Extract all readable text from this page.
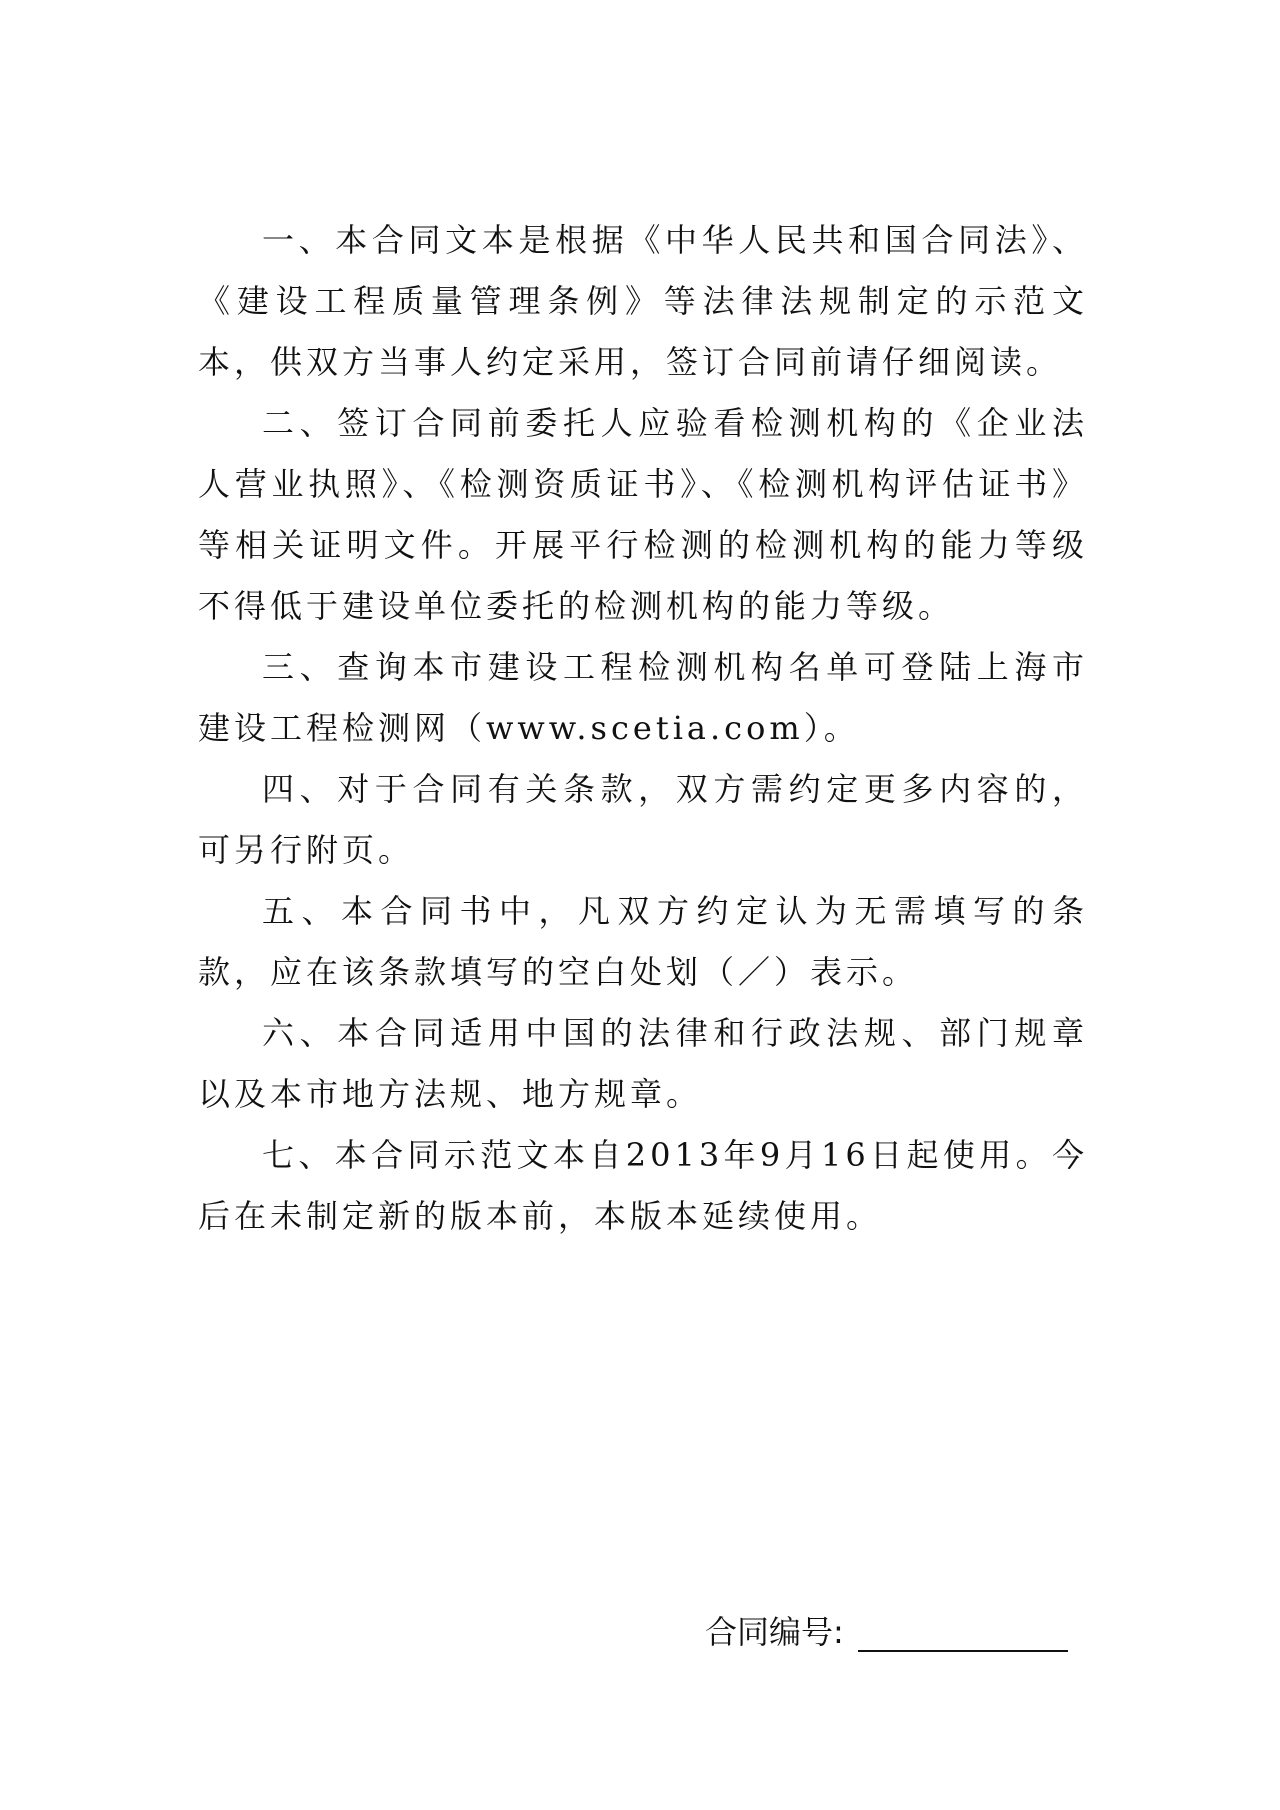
一、本合同文本是根据《中华人民共和国合同法》、《建设工程质量管理条例》等法律法规制定的示范文本，供双方当事人约定采用，签订合同前请仔细阅读。

二、签订合同前委托人应验看检测机构的《企业法人营业执照》、《检测资质证书》、《检测机构评估证书》等相关证明文件。开展平行检测的检测机构的能力等级不得低于建设单位委托的检测机构的能力等级。

三、查询本市建设工程检测机构名单可登陆上海市建设工程检测网（www.scetia.com）。

四、对于合同有关条款，双方需约定更多内容的，可另行附页。

五、本合同书中，凡双方约定认为无需填写的条款，应在该条款填写的空白处划（／）表示。

六、本合同适用中国的法律和行政法规、部门规章以及本市地方法规、地方规章。

七、本合同示范文本自2013年9月16日起使用。今后在未制定新的版本前，本版本延续使用。

合同编号:
